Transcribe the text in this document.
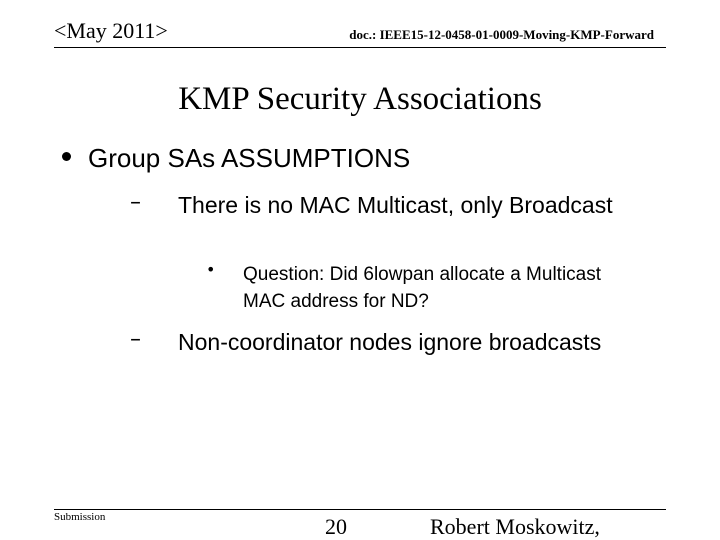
<May 2011>	doc.: IEEE15-12-0458-01-0009-Moving-KMP-Forward
KMP Security Associations
Group SAs ASSUMPTIONS
– There is no MAC Multicast, only Broadcast
• Question: Did 6lowpan allocate a Multicast MAC address for ND?
– Non-coordinator nodes ignore broadcasts
Submission	20	Robert Moskowitz,
